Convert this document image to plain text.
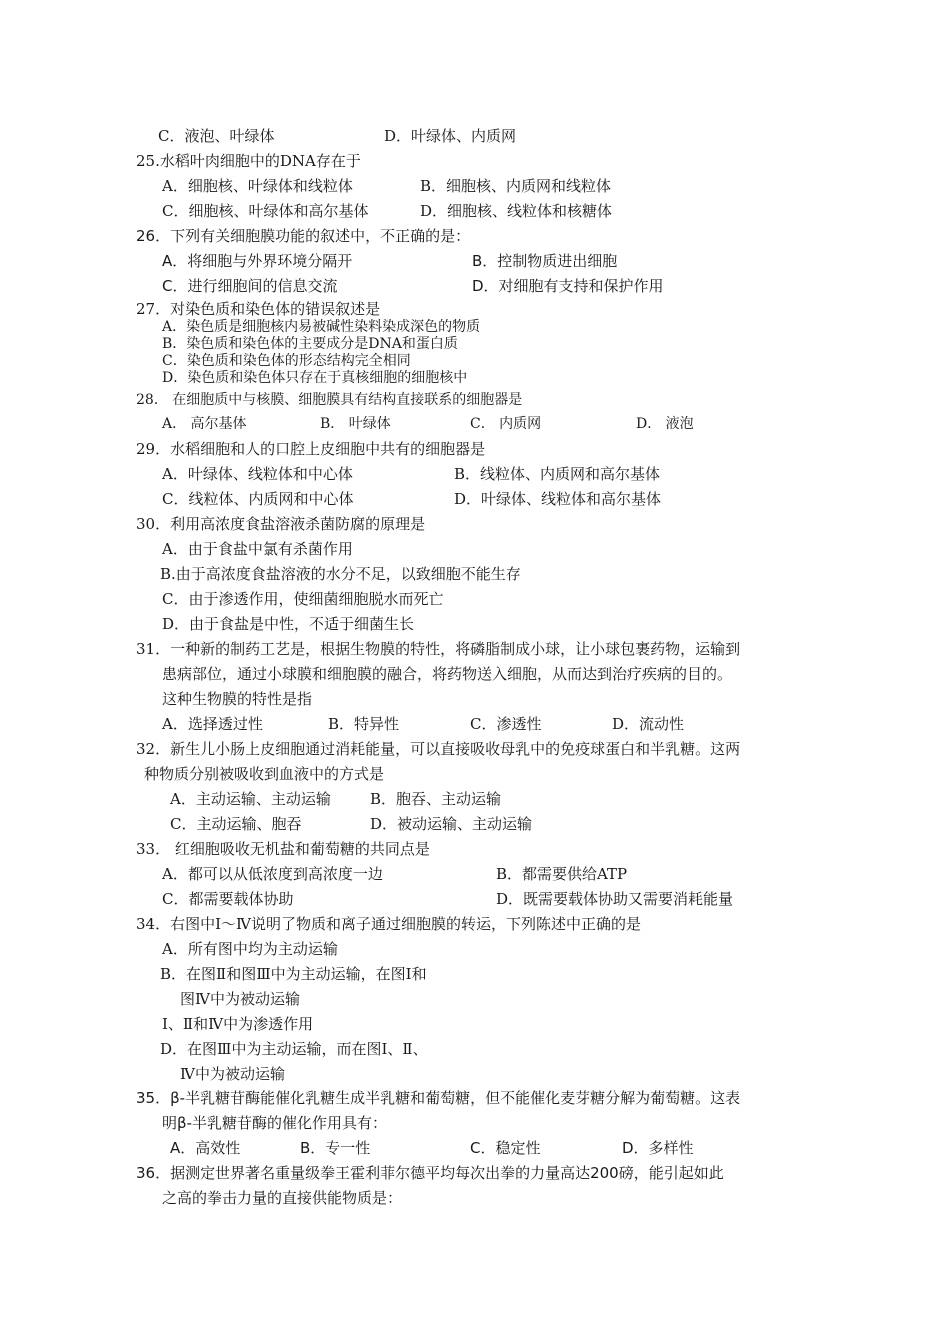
C．液泡、叶绿体	D．叶绿体、内质网
25.水稻叶肉细胞中的DNA存在于
A．细胞核、叶绿体和线粒体	B．细胞核、内质网和线粒体
C．细胞核、叶绿体和高尔基体	D．细胞核、线粒体和核糖体
26．下列有关细胞膜功能的叙述中，不正确的是：
A．将细胞与外界环境分隔开	B．控制物质进出细胞
C．进行细胞间的信息交流	D．对细胞有支持和保护作用
27．对染色质和染色体的错误叙述是
A．染色质是细胞核内易被碱性染料染成深色的物质
B．染色质和染色体的主要成分是DNA和蛋白质
C．染色质和染色体的形态结构完全相同
D．染色质和染色体只存在于真核细胞的细胞核中
28． 在细胞质中与核膜、细胞膜具有结构直接联系的细胞器是
A． 高尔基体	B． 叶绿体	C． 内质网	D． 液泡
29．水稻细胞和人的口腔上皮细胞中共有的细胞器是
A．叶绿体、线粒体和中心体	B．线粒体、内质网和高尔基体
C．线粒体、内质网和中心体	D．叶绿体、线粒体和高尔基体
30．利用高浓度食盐溶液杀菌防腐的原理是
A．由于食盐中氯有杀菌作用
B.由于高浓度食盐溶液的水分不足，以致细胞不能生存
C．由于渗透作用，使细菌细胞脱水而死亡
D．由于食盐是中性，不适于细菌生长
31．一种新的制药工艺是，根据生物膜的特性，将磷脂制成小球，让小球包裹药物，运输到
患病部位，通过小球膜和细胞膜的融合，将药物送入细胞，从而达到治疗疾病的目的。
这种生物膜的特性是指
A．选择透过性	B．特异性	C．渗透性	D．流动性
32．新生儿小肠上皮细胞通过消耗能量，可以直接吸收母乳中的免疫球蛋白和半乳糖。这两
种物质分别被吸收到血液中的方式是
A．主动运输、主动运输	B．胞吞、主动运输
C．主动运输、胞吞	D．被动运输、主动运输
33． 红细胞吸收无机盐和葡萄糖的共同点是
A．都可以从低浓度到高浓度一边	B．都需要供给ATP
C．都需要载体协助	D．既需要载体协助又需要消耗能量
34．右图中Ⅰ～Ⅳ说明了物质和离子通过细胞膜的转运，下列陈述中正确的是
A．所有图中均为主动运输
B．在图Ⅱ和图Ⅲ中为主动运输，在图Ⅰ和
图Ⅳ中为被动运输
Ⅰ、Ⅱ和Ⅳ中为渗透作用
D．在图Ⅲ中为主动运输，而在图Ⅰ、Ⅱ、
Ⅳ中为被动运输
35．β-半乳糖苷酶能催化乳糖生成半乳糖和葡萄糖，但不能催化麦芽糖分解为葡萄糖。这表
明β-半乳糖苷酶的催化作用具有：
A．高效性	B．专一性	C．稳定性	D．多样性
36．据测定世界著名重量级拳王霍利菲尔德平均每次出拳的力量高达200磅，能引起如此
之高的拳击力量的直接供能物质是：
